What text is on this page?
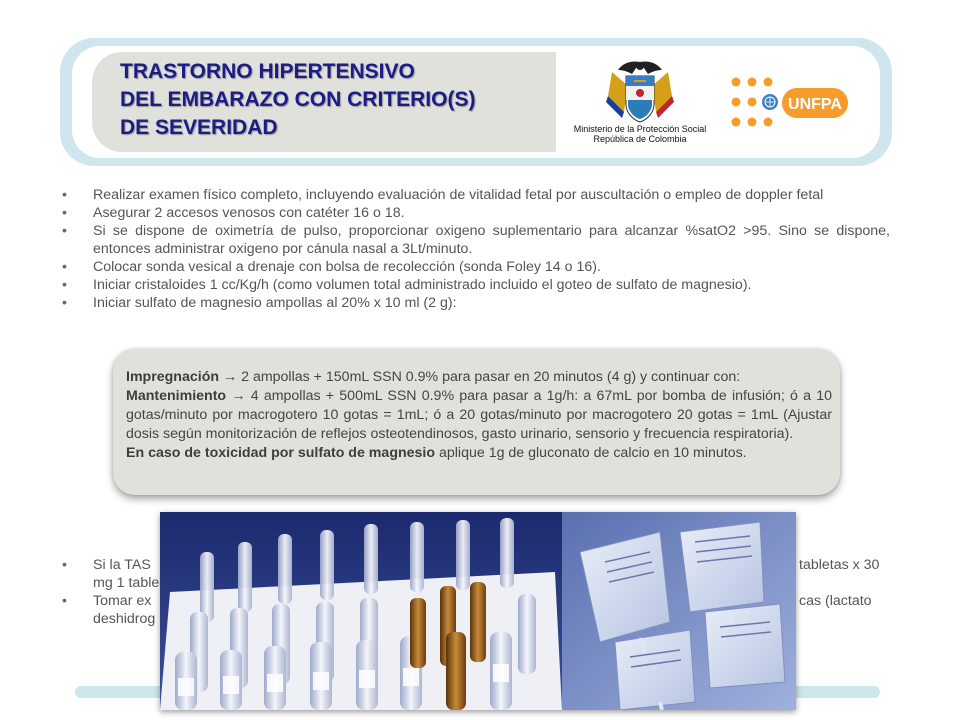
TRASTORNO HIPERTENSIVO
DEL EMBARAZO CON CRITERIO(S)
DE SEVERIDAD	Ministerio de la Protección Social
República de Colombia
UNFPA
• Realizar examen físico completo, incluyendo evaluación de vitalidad fetal por auscultación o empleo de doppler fetal
• Asegurar 2 accesos venosos con catéter 16 o 18.
• Si se dispone de oximetría de pulso, proporcionar oxigeno suplementario para alcanzar %satO2 >95. Sino se dispone, entonces administrar oxigeno por cánula nasal a 3Lt/minuto.
• Colocar sonda vesical a drenaje con bolsa de recolección (sonda Foley 14 o 16).
• Iniciar cristaloides 1 cc/Kg/h (como volumen total administrado incluido el goteo de sulfato de magnesio).
• Iniciar sulfato de magnesio ampollas al 20% x 10 ml (2 g):

Impregnación → 2 ampollas + 150mL SSN 0.9% para pasar en 20 minutos (4 g) y continuar con:

Mantenimiento → 4 ampollas + 500mL SSN 0.9% para pasar a 1g/h: a 67mL por bomba de infusión; ó a 10 gotas/minuto por macrogotero 10 gotas = 1mL; ó a 20 gotas/minuto por macrogotero 20 gotas = 1mL (Ajustar dosis según monitorización de reflejos osteotendinosos, gasto urinario, sensorio y frecuencia respiratoria).

En caso de toxicidad por sulfato de magnesio aplique 1g de gluconato de calcio en 10 minutos.

• Si la TAS
mg 1 table
• Tomar ex
deshidrog
tabletas x 30
cas (lactato
